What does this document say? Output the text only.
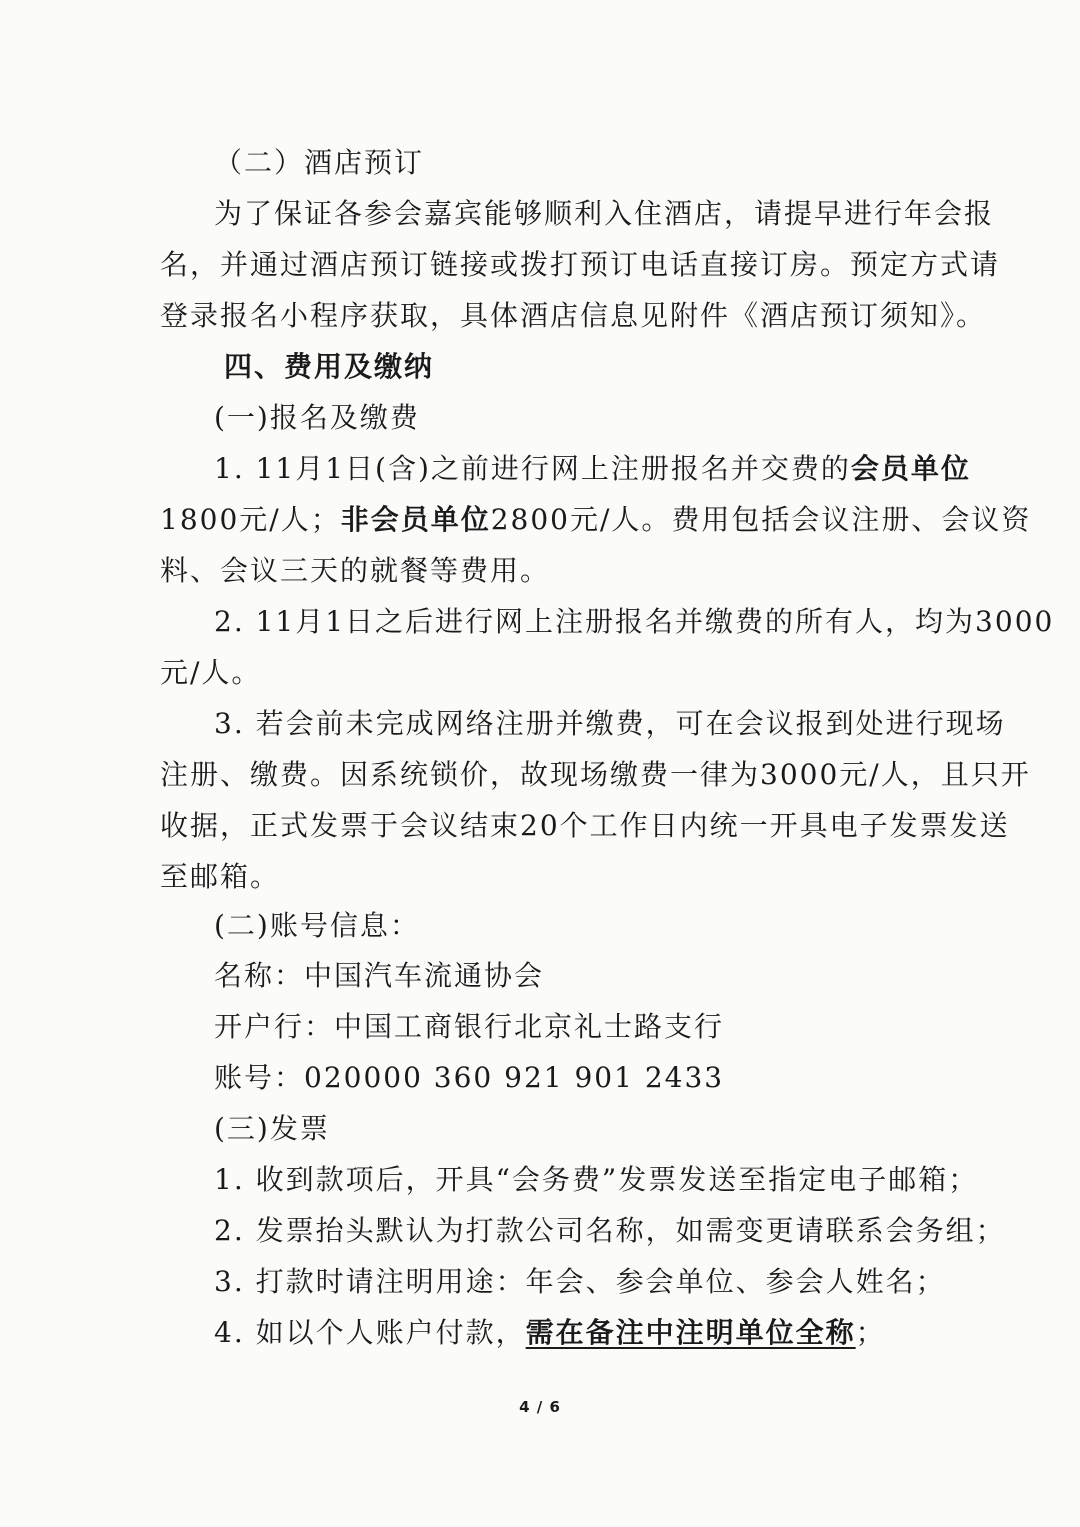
（二）酒店预订
为了保证各参会嘉宾能够顺利入住酒店，请提早进行年会报
名，并通过酒店预订链接或拨打预订电话直接订房。预定方式请
登录报名小程序获取，具体酒店信息见附件《酒店预订须知》。
四、费用及缴纳
(一)报名及缴费
1. 11月1日(含)之前进行网上注册报名并交费的会员单位
1800元/人；非会员单位2800元/人。费用包括会议注册、会议资
料、会议三天的就餐等费用。
2. 11月1日之后进行网上注册报名并缴费的所有人，均为3000
元/人。
3. 若会前未完成网络注册并缴费，可在会议报到处进行现场
注册、缴费。因系统锁价，故现场缴费一律为3000元/人，且只开
收据，正式发票于会议结束20个工作日内统一开具电子发票发送
至邮箱。
(二)账号信息：
名称：中国汽车流通协会
开户行：中国工商银行北京礼士路支行
账号：020000 360 921 901 2433
(三)发票
1. 收到款项后，开具“会务费”发票发送至指定电子邮箱；
2. 发票抬头默认为打款公司名称，如需变更请联系会务组；
3. 打款时请注明用途：年会、参会单位、参会人姓名；
4. 如以个人账户付款，需在备注中注明单位全称；
4 / 6
